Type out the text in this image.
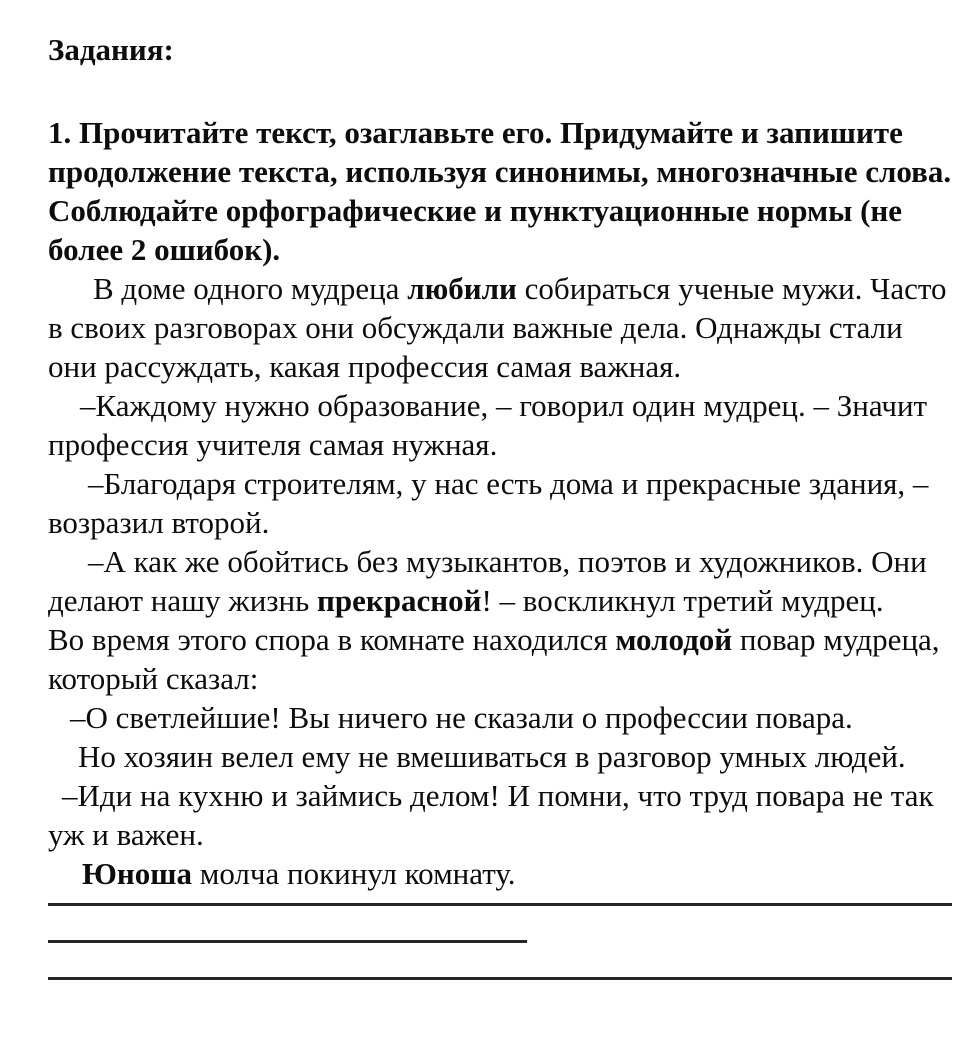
Задания:

1. Прочитайте текст, озаглавьте его. Придумайте и запишите продолжение текста, используя синонимы, многозначные слова. Соблюдайте орфографические и пунктуационные нормы (не более 2 ошибок).

В доме одного мудреца любили собираться ученые мужи. Часто в своих разговорах они обсуждали важные дела. Однажды стали они рассуждать, какая профессия самая важная.

–Каждому нужно образование, – говорил один мудрец. – Значит профессия учителя самая нужная.

–Благодаря строителям, у нас есть дома и прекрасные здания, – возразил второй.

–А как же обойтись без музыкантов, поэтов и художников. Они делают нашу жизнь прекрасной! – воскликнул третий мудрец.

Во время этого спора в комнате находился молодой повар мудреца, который сказал:

–О светлейшие! Вы ничего не сказали о профессии повара.

Но хозяин велел ему не вмешиваться в разговор умных людей.

–Иди на кухню и займись делом! И помни, что труд повара не так уж и важен.

Юноша молча покинул комнату.
